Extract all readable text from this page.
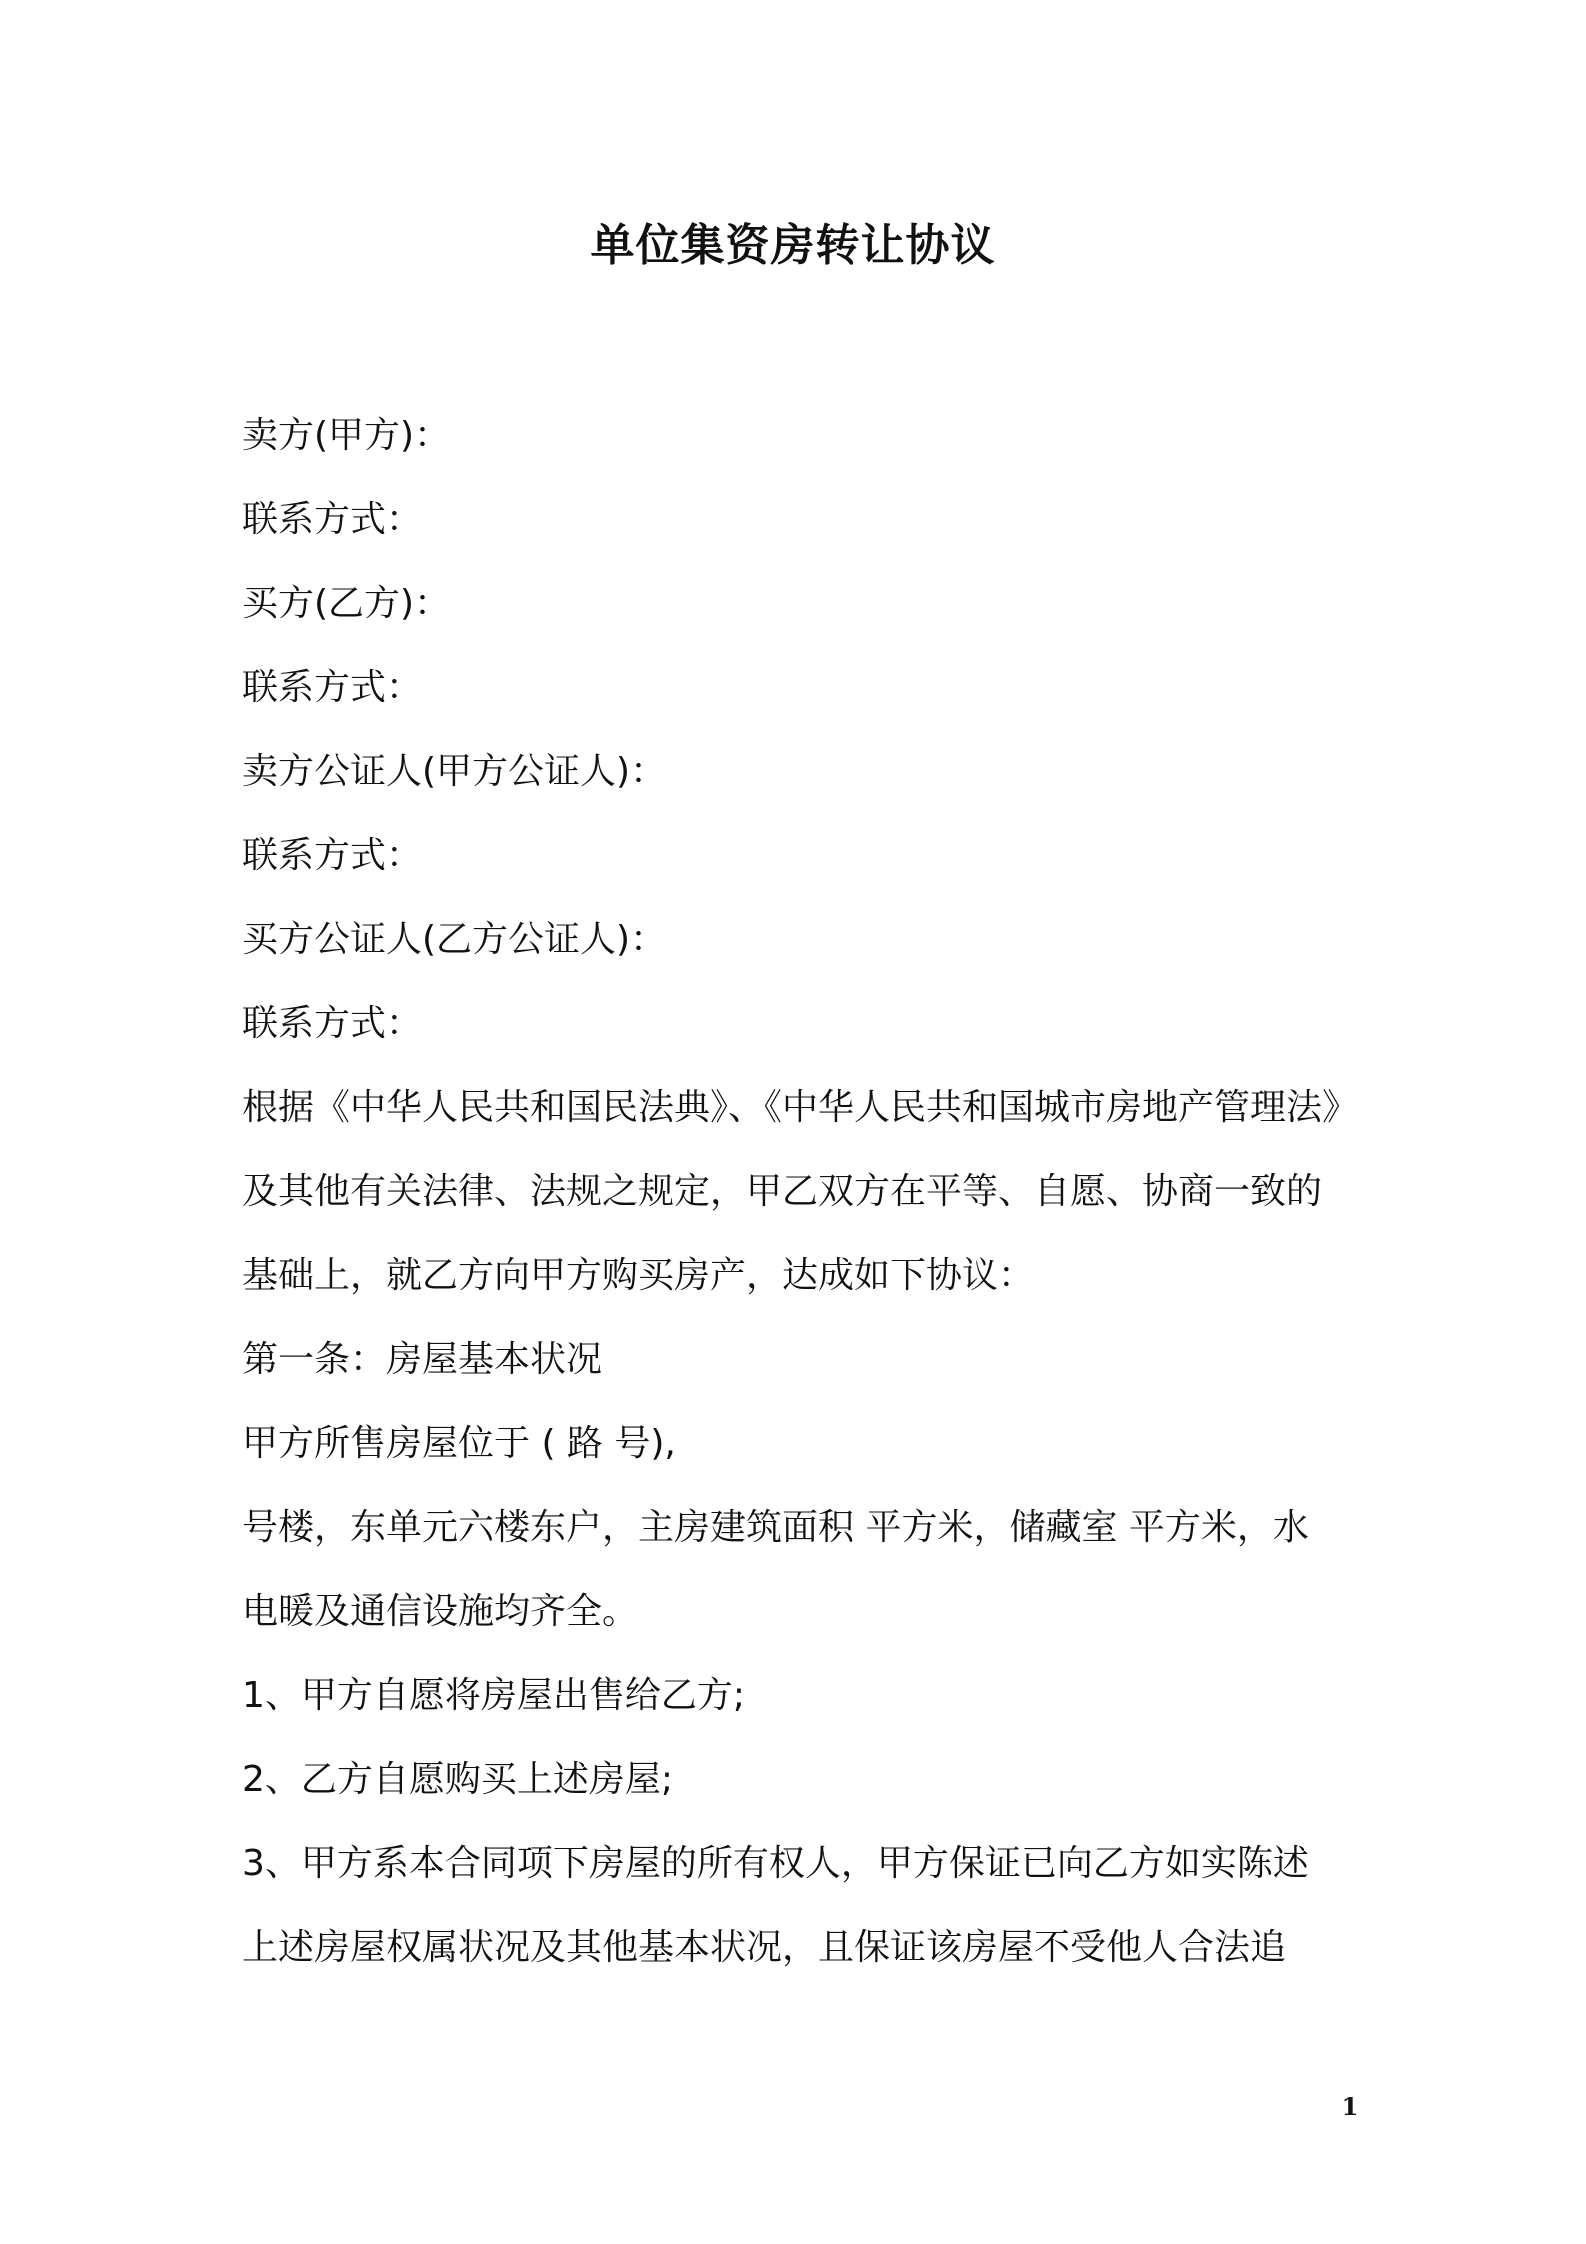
单位集资房转让协议
卖方(甲方)：
联系方式：
买方(乙方)：
联系方式：
卖方公证人(甲方公证人)：
联系方式：
买方公证人(乙方公证人)：
联系方式：
根据《中华人民共和国民法典》、《中华人民共和国城市房地产管理法》
及其他有关法律、法规之规定，甲乙双方在平等、自愿、协商一致的
基础上，就乙方向甲方购买房产，达成如下协议：
第一条：房屋基本状况
甲方所售房屋位于 ( 路 号),
号楼，东单元六楼东户，主房建筑面积 平方米，储藏室 平方米，水
电暖及通信设施均齐全。
1、甲方自愿将房屋出售给乙方;
2、乙方自愿购买上述房屋;
3、甲方系本合同项下房屋的所有权人，甲方保证已向乙方如实陈述
上述房屋权属状况及其他基本状况，且保证该房屋不受他人合法追
1
